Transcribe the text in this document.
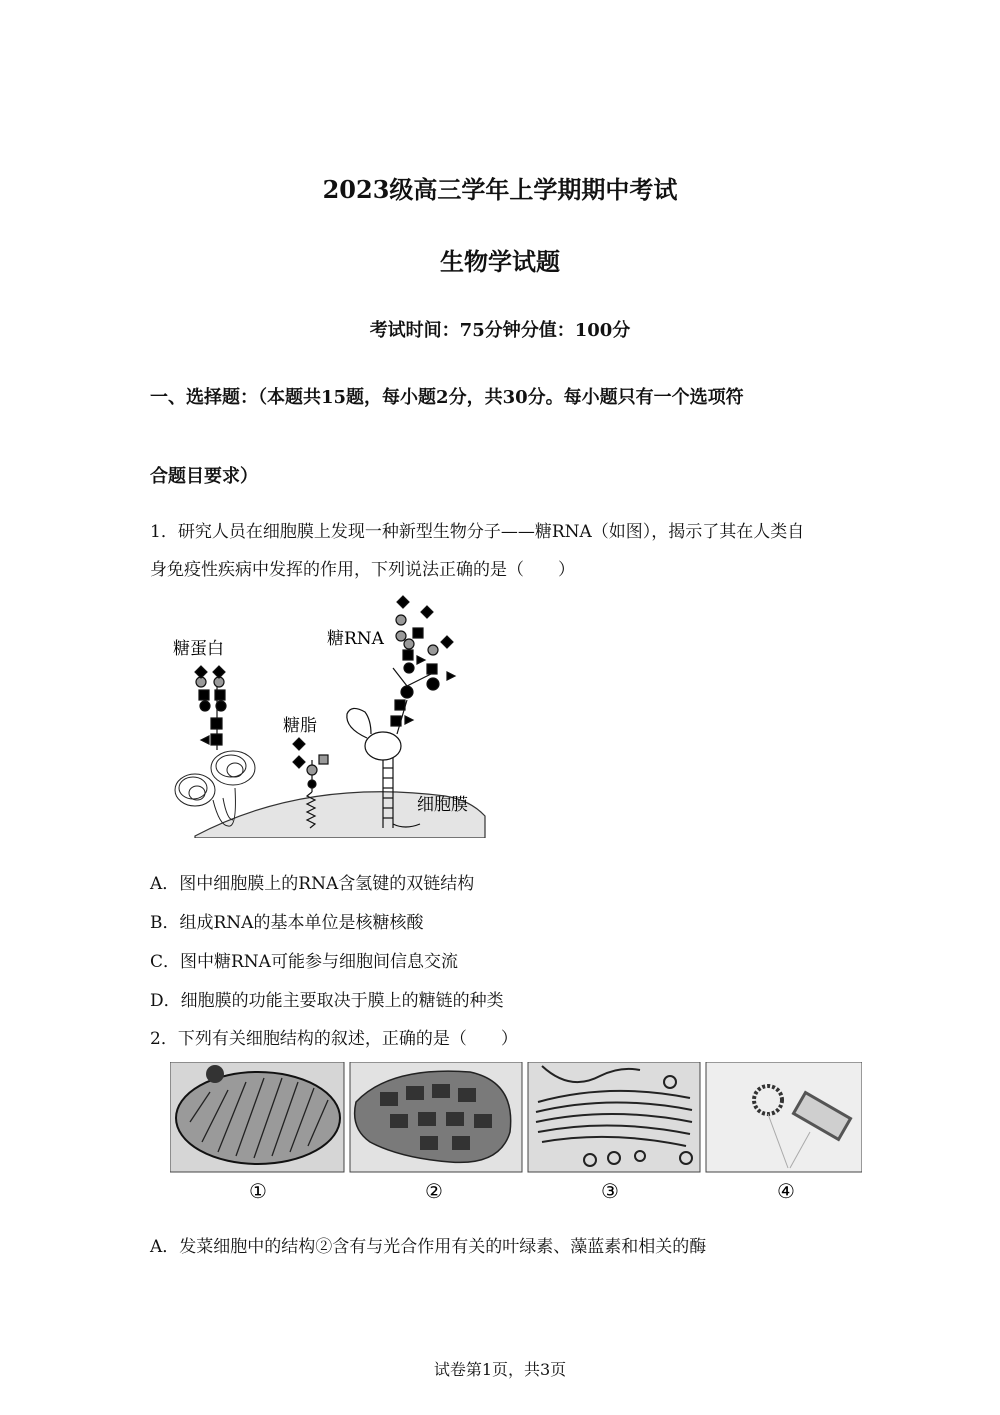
2023级高三学年上学期期中考试
生物学试题
考试时间：75分钟分值：100分
一、选择题：（本题共15题，每小题2分，共30分。每小题只有一个选项符
合题目要求）
1．研究人员在细胞膜上发现一种新型生物分子——糖RNA（如图），揭示了其在人类自
身免疫性疾病中发挥的作用，下列说法正确的是（　　）
糖蛋白
糖脂
糖RNA
细胞膜
A．图中细胞膜上的RNA含氢键的双链结构
B．组成RNA的基本单位是核糖核酸
C．图中糖RNA可能参与细胞间信息交流
D．细胞膜的功能主要取决于膜上的糖链的种类
2．下列有关细胞结构的叙述，正确的是（　　）
①	②	③	④
A．发菜细胞中的结构②含有与光合作用有关的叶绿素、藻蓝素和相关的酶
试卷第1页，共3页
